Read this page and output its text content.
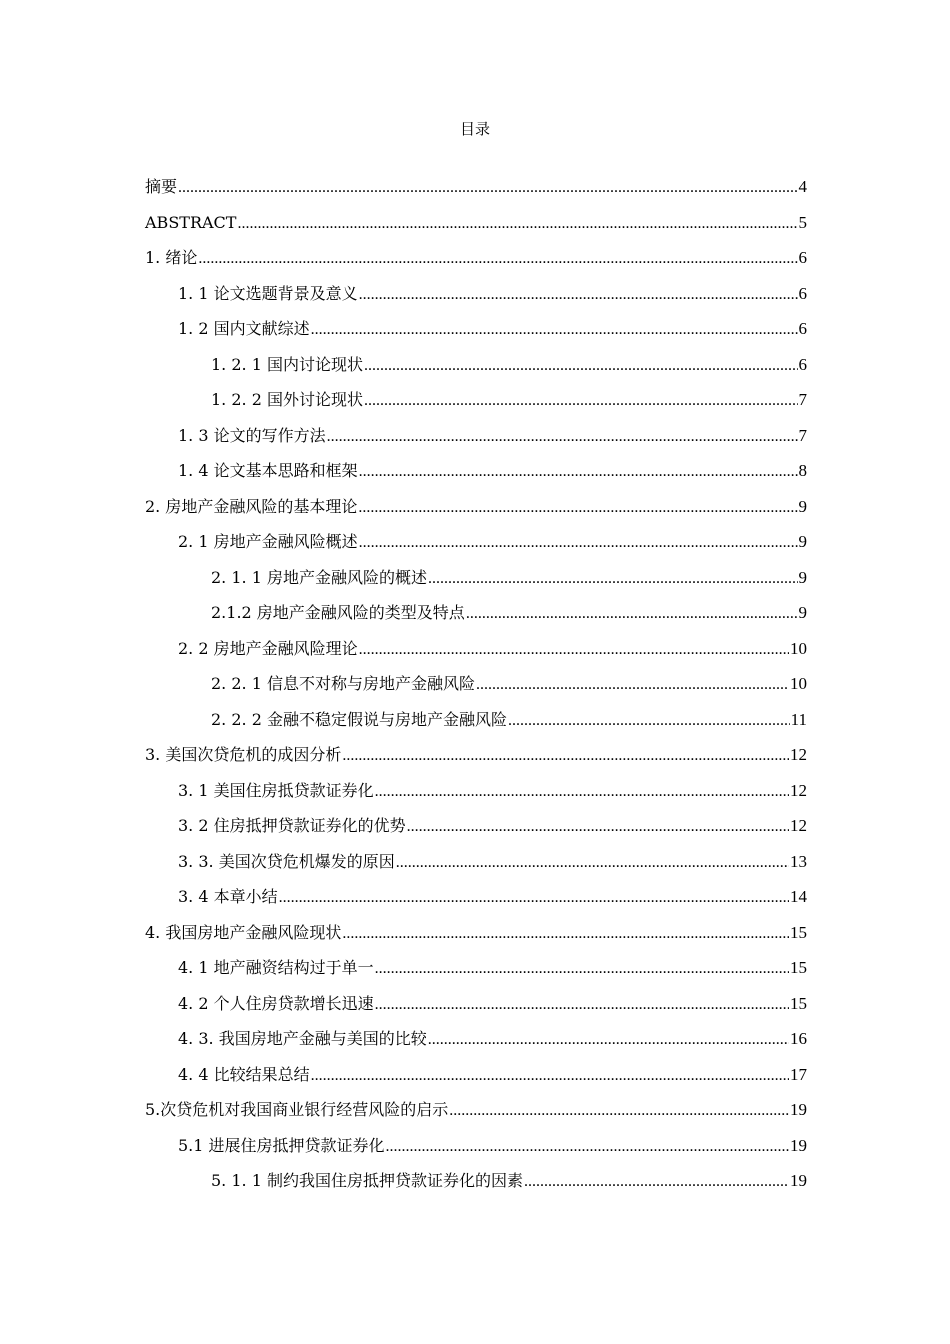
目录
摘要 .....	4
ABSTRACT .....	5
1. 绪论 .....	6
1. 1 论文选题背景及意义 .....	6
1. 2 国内文献综述 .....	6
1. 2. 1 国内讨论现状 .....	6
1. 2. 2 国外讨论现状 .....	7
1. 3 论文的写作方法 .....	7
1. 4 论文基本思路和框架 .....	8
2. 房地产金融风险的基本理论 .....	9
2. 1 房地产金融风险概述 .....	9
2. 1. 1 房地产金融风险的概述 .....	9
2.1.2 房地产金融风险的类型及特点 .....	9
2. 2 房地产金融风险理论 .....	10
2. 2. 1 信息不对称与房地产金融风险 .....	10
2. 2. 2 金融不稳定假说与房地产金融风险 .....	11
3. 美国次贷危机的成因分析 .....	12
3. 1 美国住房抵贷款证券化 .....	12
3. 2 住房抵押贷款证券化的优势 .....	12
3. 3. 美国次贷危机爆发的原因 .....	13
3. 4 本章小结 .....	14
4. 我国房地产金融风险现状 .....	15
4. 1 地产融资结构过于单一 .....	15
4. 2 个人住房贷款增长迅速 .....	15
4. 3. 我国房地产金融与美国的比较 .....	16
4. 4 比较结果总结 .....	17
5.次贷危机对我国商业银行经营风险的启示 .....	19
5.1 进展住房抵押贷款证券化 .....	19
5. 1. 1 制约我国住房抵押贷款证券化的因素 .....	19
